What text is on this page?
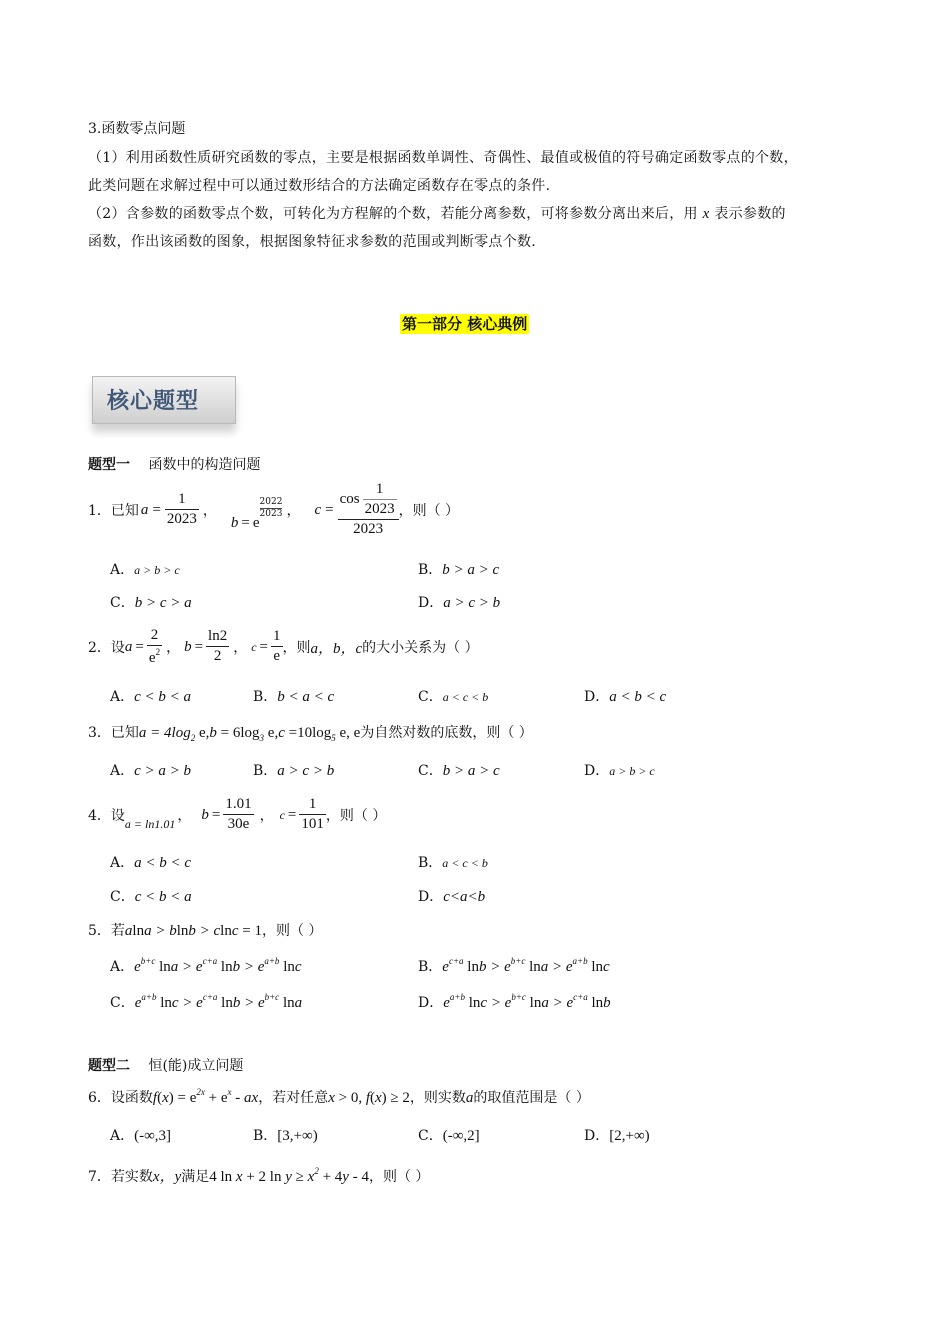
3.函数零点问题
（1）利用函数性质研究函数的零点，主要是根据函数单调性、奇偶性、最值或极值的符号确定函数零点的个数，
此类问题在求解过程中可以通过数形结合的方法确定函数存在零点的条件.
（2）含参数的函数零点个数，可转化为方程解的个数，若能分离参数，可将参数分离出来后，用 x 表示参数的
函数，作出该函数的图象，根据图象特征求参数的范围或判断零点个数.
第一部分 核心典例
核心题型
题型一 函数中的构造问题
1． 已知 $a = \frac{1}{2023}$ ，
b = e
$\frac{2022}{2023}$ ， $c = \frac{\cos \frac{1}{2023}}{2023}$ ，则（ ）
A．a > b > c	B．b > a > c
C．b > c > a	D．a > c > b
2． 设 $a = \frac{2}{e^2}$ ， $b = \frac{\ln 2}{2}$ ， $c = \frac{1}{e}$ ，则 a，b，c 的大小关系为（ ）
A．c < b < a	B．b < a < c	C．a < c < b	D．a < b < c
3．已知$a = 4\log_2$ $e,b = 6\log_3$ $e,c =10\log_5$ e, e为自然对数的底数，则（ ）
A．c > a > b	B．a > c > b	C．b > a > c	D．a > b > c
4． 设 a = ln1.01 ， $b = \frac{1.01}{30e}$ ， $c = \frac{1}{101}$ ，则（ ）
A．a < b < c	B．a < c < b
C．c < b < a	D．c<a<b
5．若alna > blnb > clnc = 1，则（ ）
A．$e^{b+c}$ $\ln a > e^{c+a}$ $\ln b > e^{a+b}$ lnc	B．$e^{c+a}$ $\ln b > e^{b+c}$ $\ln a > e^{a+b}$ lnc
C．$e^{a+b}$ $\ln c > e^{c+a}$ $\ln b > e^{b+c}$ lna	D．$e^{a+b}$ $\ln c > e^{b+c}$ $\ln a > e^{c+a}$ lnb
题型二 恒(能)成立问题
6．设函数$f(x) = e^{2x} + e^x$ - ax，若对任意x > 0, f(x) ≥ 2，则实数a的取值范围是（ ）
A．(-∞,3]	B．[3,+∞)	C．(-∞,2]	D．[2,+∞)
7．若实数x，y满足4 ln x + 2 $\ln y \ge x^2 + 4y - 4$，则（ ）
